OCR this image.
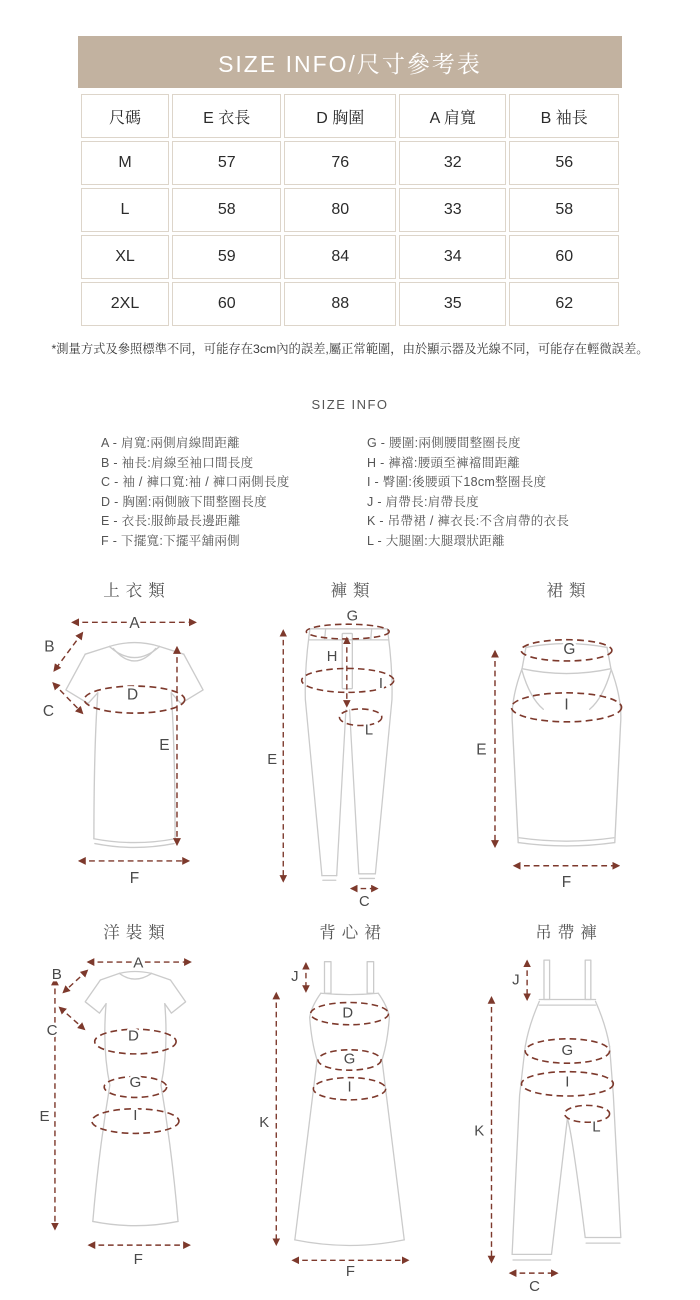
SIZE INFO/尺寸參考表
尺碼	E 衣長	D 胸圍	A 肩寬	B 袖長
M	57	76	32	56
L	58	80	33	58
XL	59	84	34	60
2XL	60	88	35	62
*測量方式及參照標準不同，可能存在3cm內的誤差,屬正常範圍，由於顯示器及光線不同，可能存在輕微誤差。
SIZE INFO
A - 肩寬:兩側肩線間距離
B - 袖長:肩線至袖口間長度
C - 袖 / 褲口寬:袖 / 褲口兩側長度
D - 胸圍:兩側腋下間整圈長度
E - 衣長:服飾最長邊距離
F - 下擺寬:下擺平舖兩側
G - 腰圍:兩側腰間整圈長度
H - 褲襠:腰頭至褲襠間距離
I - 臀圍:後腰頭下18cm整圈長度
J - 肩帶長:肩帶長度
K - 吊帶裙 / 褲衣長:不含肩帶的衣長
L - 大腿圍:大腿環狀距離
上衣類
A
B
C
D
E
F
褲類
G
H
I
L
E
C
裙類
G
I
E
F
洋裝類
A
B
C	D
G
I
E
F
背心裙
J
D
G
I
K
F
吊帶褲
J
G
I
L
K
C
